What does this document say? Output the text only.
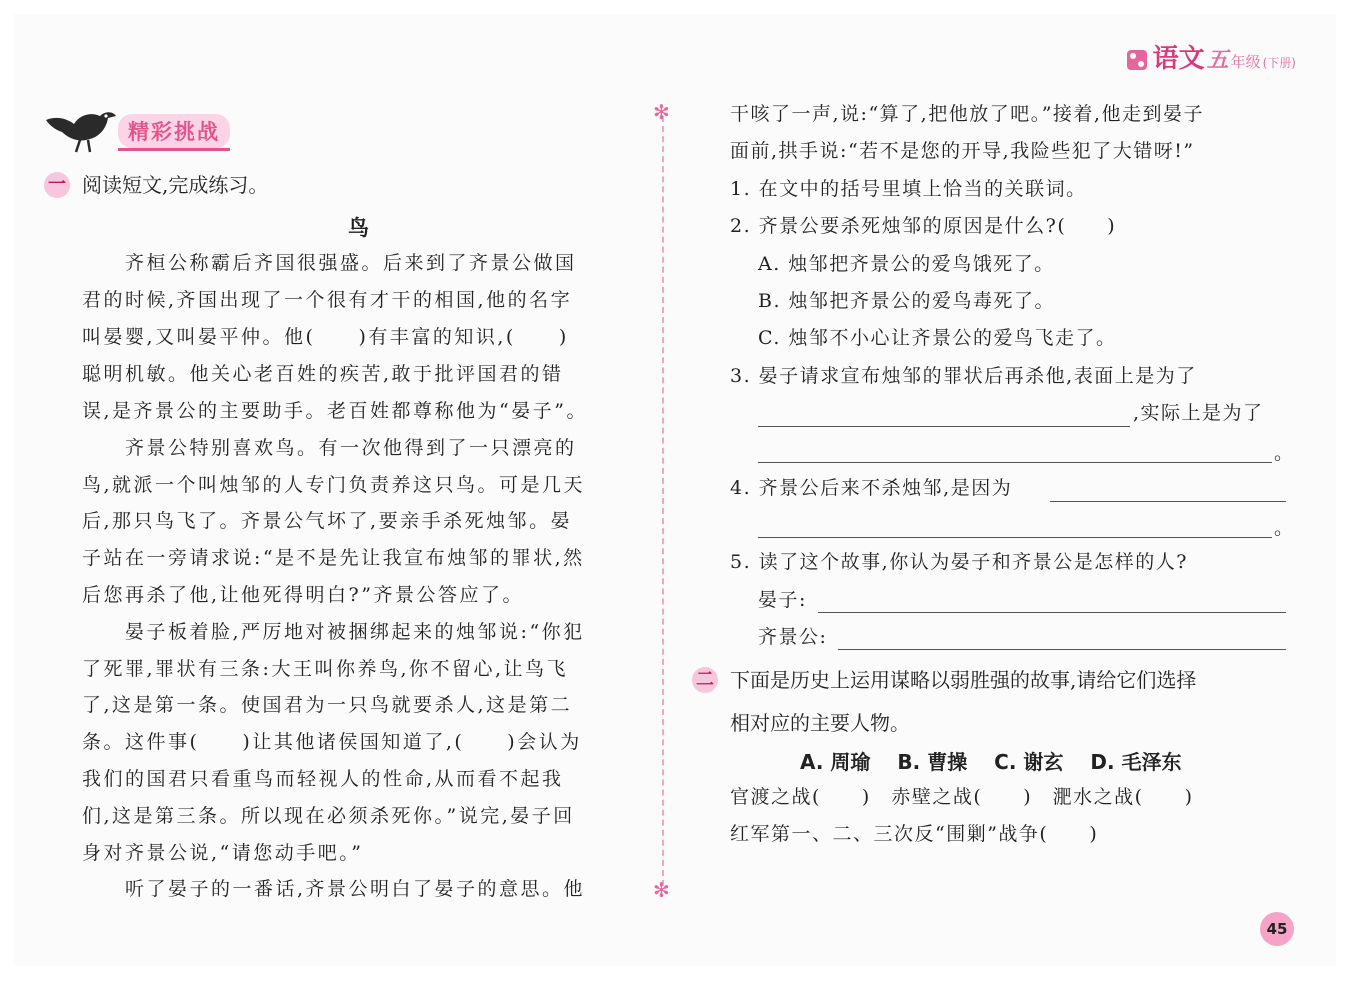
语文 五 年级 (下册)
精彩挑战
一 阅读短文,完成练习。
鸟
　　齐桓公称霸后齐国很强盛。后来到了齐景公做国
君的时候,齐国出现了一个很有才干的相国,他的名字
叫晏婴,又叫晏平仲。他(　　)有丰富的知识,(　　)
聪明机敏。他关心老百姓的疾苦,敢于批评国君的错
误,是齐景公的主要助手。老百姓都尊称他为“晏子”。
　　齐景公特别喜欢鸟。有一次他得到了一只漂亮的
鸟,就派一个叫烛邹的人专门负责养这只鸟。可是几天
后,那只鸟飞了。齐景公气坏了,要亲手杀死烛邹。晏
子站在一旁请求说:“是不是先让我宣布烛邹的罪状,然
后您再杀了他,让他死得明白?”齐景公答应了。
　　晏子板着脸,严厉地对被捆绑起来的烛邹说:“你犯
了死罪,罪状有三条:大王叫你养鸟,你不留心,让鸟飞
了,这是第一条。使国君为一只鸟就要杀人,这是第二
条。这件事(　　)让其他诸侯国知道了,(　　)会认为
我们的国君只看重鸟而轻视人的性命,从而看不起我
们,这是第三条。所以现在必须杀死你。”说完,晏子回
身对齐景公说,“请您动手吧。”
　　听了晏子的一番话,齐景公明白了晏子的意思。他
✻
✻
干咳了一声,说:“算了,把他放了吧。”接着,他走到晏子
面前,拱手说:“若不是您的开导,我险些犯了大错呀!”
1. 在文中的括号里填上恰当的关联词。
2. 齐景公要杀死烛邹的原因是什么?(　　)
A. 烛邹把齐景公的爱鸟饿死了。
B. 烛邹把齐景公的爱鸟毒死了。
C. 烛邹不小心让齐景公的爱鸟飞走了。
3. 晏子请求宣布烛邹的罪状后再杀他,表面上是为了
,实际上是为了
。
4. 齐景公后来不杀烛邹,是因为
。
5. 读了这个故事,你认为晏子和齐景公是怎样的人?
晏子:
齐景公:
二 下面是历史上运用谋略以弱胜强的故事,请给它们选择
相对应的主要人物。
A. 周瑜 B. 曹操 C. 谢玄 D. 毛泽东
官渡之战(　　)　赤壁之战(　　)　淝水之战(　　)
红军第一、二、三次反“围剿”战争(　　)
45
